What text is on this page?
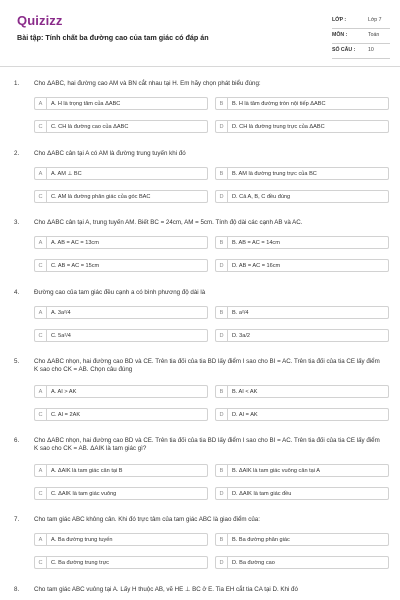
Quizizz
Bài tập: Tính chất ba đường cao của tam giác có đáp án
LỚP :	Lớp 7
MÔN :	Toán
SỐ CÂU : 10
1. Cho ΔABC, hai đường cao AM và BN cắt nhau tại H. Em hãy chọn phát biểu đúng:
A	A. H là trọng tâm của ΔABC	B	B. H là tâm đường tròn nội tiếp ΔABC
C	C. CH là đường cao của ΔABC	D	D. CH là đường trung trực của ΔABC
2. Cho ΔABC cân tại A có AM là đường trung tuyến khi đó
A	A. AM ⊥ BC	B	B. AM là đường trung trực của BC
C	C. AM là đường phân giác của góc BAC	D	D. Cả A, B, C đều đúng
3. Cho ΔABC cân tại A, trung tuyến AM. Biết BC = 24cm, AM = 5cm. Tính độ dài các cạnh AB và AC.
A	A. AB = AC = 13cm	B	B. AB = AC = 14cm
C	C. AB = AC = 15cm	D	D. AB = AC = 16cm
4. Đường cao của tam giác đều cạnh a có bình phương độ dài là
A	A. 3a²/4	B	B. a²/4
C	C. 5a²/4	D	D. 3a/2
5. Cho ΔABC nhọn, hai đường cao BD và CE. Trên tia đối của tia BD lấy điểm I sao cho BI = AC. Trên tia đối của tia CE lấy điểm K sao cho CK = AB. Chọn câu đúng
A	A. AI > AK	B	B. AI < AK
C	C. AI = 2AK	D	D. AI = AK
6. Cho ΔABC nhọn, hai đường cao BD và CE. Trên tia đối của tia BD lấy điểm I sao cho BI = AC. Trên tia đối của tia CE lấy điểm K sao cho CK = AB. ΔAIK là tam giác gì?
A	A. ΔAIK là tam giác cân tại B	B	B. ΔAIK là tam giác vuông cân tại A
C	C. ΔAIK là tam giác vuông	D	D. ΔAIK là tam giác đều
7. Cho tam giác ABC không cân. Khi đó trực tâm của tam giác ABC là giao điểm của:
A	A. Ba đường trung tuyến	B	B. Ba đường phân giác
C	C. Ba đường trung trực	D	D. Ba đường cao
8. Cho tam giác ABC vuông tại A. Lấy H thuộc AB, vẽ HE ⊥ BC ở E. Tia EH cắt tia CA tại D. Khi đó
